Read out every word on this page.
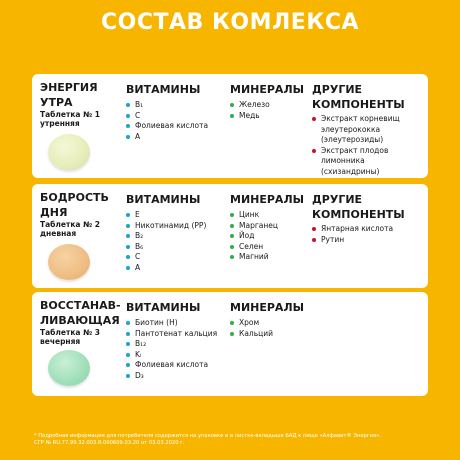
СОСТАВ КОМЛЕКСА
ЭНЕРГИЯ
УТРА
Таблетка № 1
утренняя
ВИТАМИНЫ
B₁
C
Фолиевая кислота
A
МИНЕРАЛЫ
Железо
Медь
ДРУГИЕ
КОМПОНЕНТЫ
Экстракт корневищ
элеутерококка
(элеутерозиды)
Экстракт плодов
лимонника
(схизандрины)
БОДРОСТЬ
ДНЯ
Таблетка № 2
дневная
ВИТАМИНЫ
E
Никотинамид (PP)
B₂
B₆
C
A
МИНЕРАЛЫ
Цинк
Марганец
Йод
Селен
Магний
ДРУГИЕ
КОМПОНЕНТЫ
Янтарная кислота
Рутин
ВОССТАНАВ-
ЛИВАЮЩАЯ
Таблетка № 3
вечерняя
ВИТАМИНЫ
Биотин (H)
Пантотенат кальция
B₁₂
Kₗ
Фолиевая кислота
D₃
МИНЕРАЛЫ
Хром
Кальций
* Подробная информация для потребителя содержится на упаковке и в листке-вкладыше БАД к пище «Алфавит® Энергия».
СГР № RU.77.99.32.003.R.000609.03.20 от 03.03.2020 г.
